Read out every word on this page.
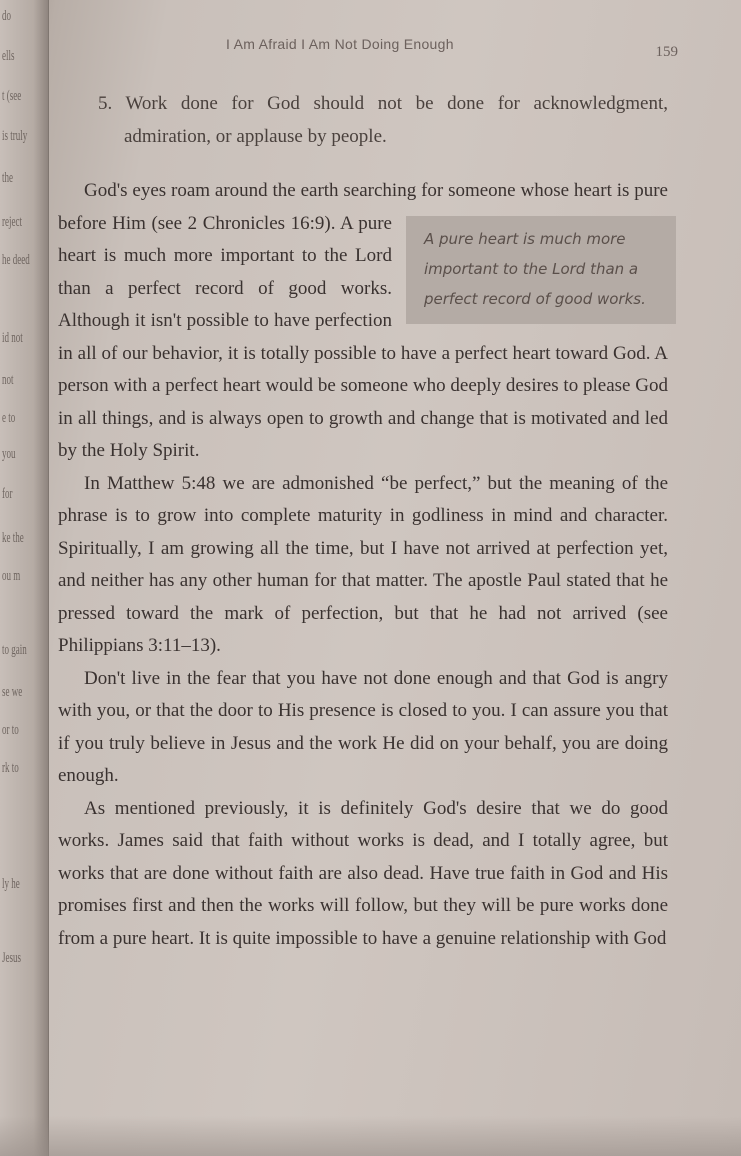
do
ells
t (see
is truly
the
reject
he deed
id not
not
e to
you
for
ke the
ou m
to gain
se we
or to
rk to
ly he
Jesus
I Am Afraid I Am Not Doing Enough	159

5. Work done for God should not be done for acknowledgment, admiration, or applause by people.

God's eyes roam around the earth searching for someone whose heart is pure before Him (see 2 Chronicles 16:9). A pure
A pure heart is much more important to the Lord than a perfect record of good works.
heart is much more important to the Lord than a perfect record of good works. Although it isn't possible to have perfection in all of our behavior, it is totally possible to have a perfect heart toward God. A person with a perfect heart would be someone who deeply desires to please God in all things, and is always open to growth and change that is motivated and led by the Holy Spirit.

In Matthew 5:48 we are admonished “be perfect,” but the meaning of the phrase is to grow into complete maturity in godliness in mind and character. Spiritually, I am growing all the time, but I have not arrived at perfection yet, and neither has any other human for that matter. The apostle Paul stated that he pressed toward the mark of perfection, but that he had not arrived (see Philippians 3:11–13).

Don't live in the fear that you have not done enough and that God is angry with you, or that the door to His presence is closed to you. I can assure you that if you truly believe in Jesus and the work He did on your behalf, you are doing enough.

As mentioned previously, it is definitely God's desire that we do good works. James said that faith without works is dead, and I totally agree, but works that are done without faith are also dead. Have true faith in God and His promises first and then the works will follow, but they will be pure works done from a pure heart. It is quite impossible to have a genuine relationship with God
